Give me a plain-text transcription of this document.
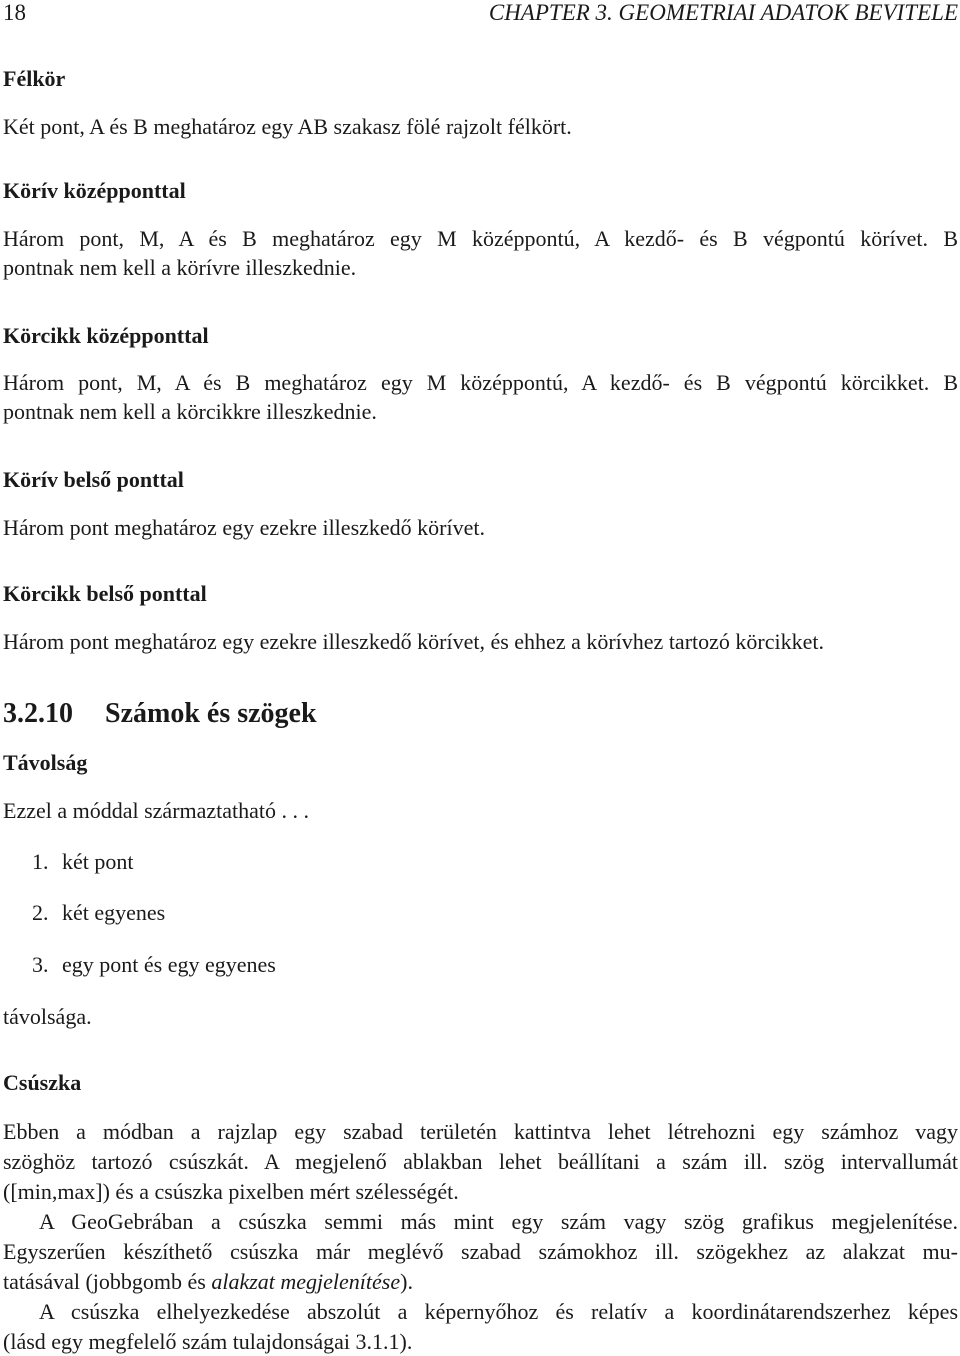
18	CHAPTER 3. GEOMETRIAI ADATOK BEVITELE
Félkör
Két pont, A és B meghatároz egy AB szakasz fölé rajzolt félkört.
Körív középponttal
Három pont, M, A és B meghatároz egy M középpontú, A kezdő- és B végpontú körívet. B
pontnak nem kell a körívre illeszkednie.
Körcikk középponttal
Három pont, M, A és B meghatároz egy M középpontú, A kezdő- és B végpontú körcikket. B
pontnak nem kell a körcikkre illeszkednie.
Körív belső ponttal
Három pont meghatároz egy ezekre illeszkedő körívet.
Körcikk belső ponttal
Három pont meghatároz egy ezekre illeszkedő körívet, és ehhez a körívhez tartozó körcikket.
3.2.10 Számok és szögek
Távolság
Ezzel a móddal származtatható . . .
1. két pont
2. két egyenes
3. egy pont és egy egyenes
távolsága.
Csúszka
Ebben a módban a rajzlap egy szabad területén kattintva lehet létrehozni egy számhoz vagy
szöghöz tartozó csúszkát. A megjelenő ablakban lehet beállítani a szám ill. szög intervallumát
([min,max]) és a csúszka pixelben mért szélességét.
A GeoGebrában a csúszka semmi más mint egy szám vagy szög grafikus megjelenítése.
Egyszerűen készíthető csúszka már meglévő szabad számokhoz ill. szögekhez az alakzat mu-
tatásával (jobbgomb és alakzat megjelenítése).
A csúszka elhelyezkedése abszolút a képernyőhoz és relatív a koordinátarendszerhez képes
(lásd egy megfelelő szám tulajdonságai 3.1.1).
